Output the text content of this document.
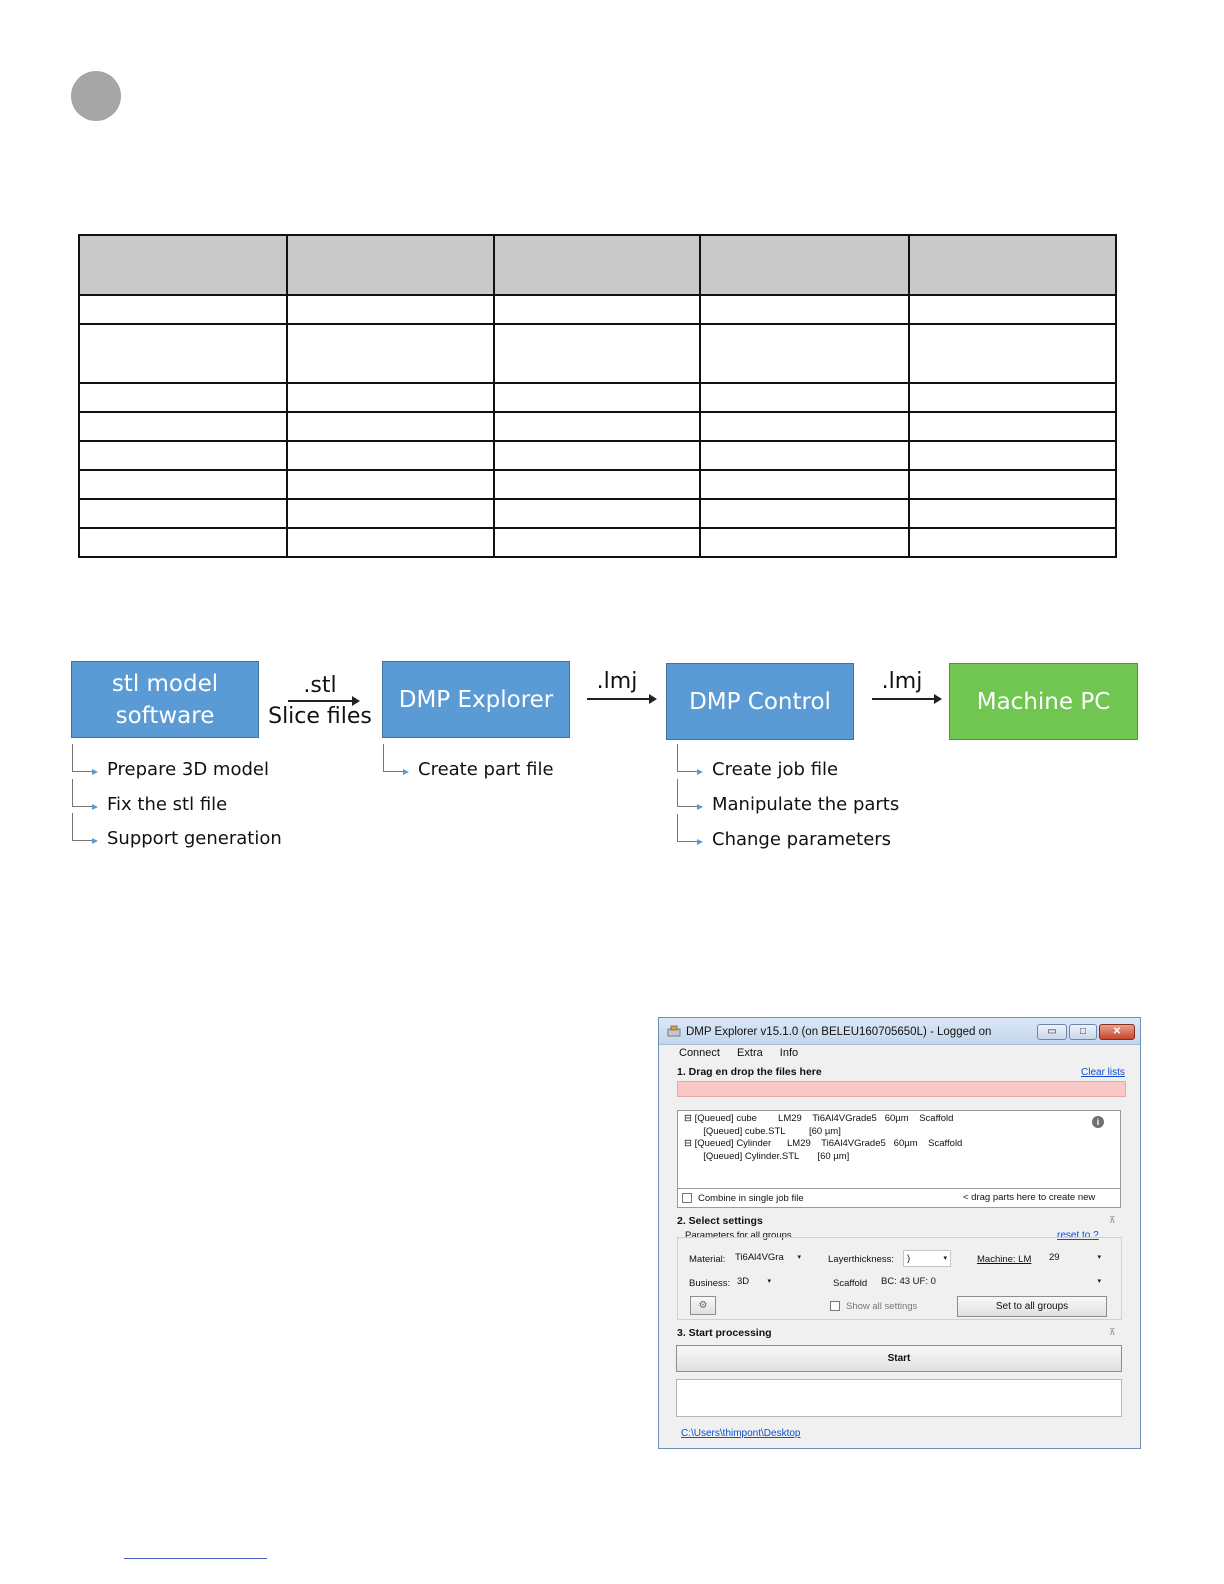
stl model
software
.stl
Slice files
DMP Explorer
.lmj
DMP Control
.lmj
Machine PC
Prepare 3D model
Fix the stl file
Support generation
Create part file	Create job file
Manipulate the parts
Change parameters
DMP Explorer v15.1.0 (on BELEU160705650L) - Logged on	▭	□	✕
Connect Extra Info
1. Drag en drop the files here	Clear lists
⊟ [Queued] cube        LM29    Ti6Al4VGrade5   60µm    Scaffold
[Queued] cube.STL         [60 µm]
⊟ [Queued] Cylinder      LM29    Ti6Al4VGrade5   60µm    Scaffold
[Queued] Cylinder.STL       [60 µm]
i
Combine in single job file	< drag parts here to create new
2. Select settings	⊼
Parameters for all groups	reset to ?
Material:	Ti6Al4VGra ▾	Layerthickness:	)	▾	Machine: LM	29	▾
Business: 3D	▾	Scaffold	BC: 43 UF: 0	▾
⚙	Show all settings	Set to all groups
3. Start processing	⊼
Start
C:\Users\thimpont\Desktop
